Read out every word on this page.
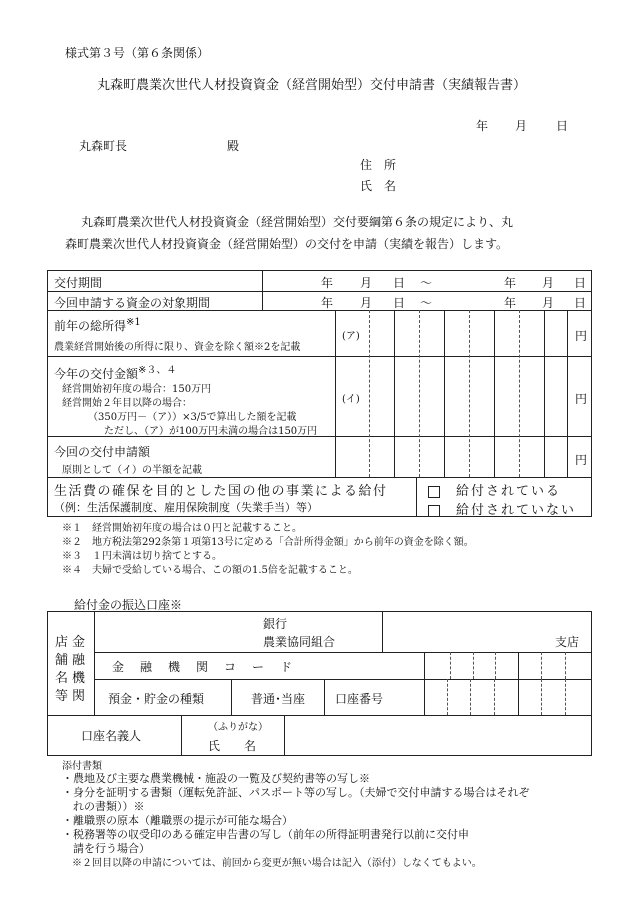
様式第３号（第６条関係）
丸森町農業次世代人材投資資金（経営開始型）交付申請書（実績報告書）
年 月 日
丸森町長	殿
住　所
氏　名
丸森町農業次世代人材投資資金（経営開始型）交付要綱第６条の規定により、丸
森町農業次世代人材投資資金（経営開始型）の交付を申請（実績を報告）します。
交付期間	年 月 日 ～	年 月 日
今回申請する資金の対象期間	年 月 日 ～	年 月 日
前年の総所得$^{※1}$
農業経営開始後の所得に限り、資金を除く額※2を記載
(ア)	円
今年の交付金額$^{※3、4}$
経営開始初年度の場合：150万円
経営開始２年目以降の場合：
（350万円－（ア））×3/5で算出した額を記載
ただし、（ア）が100万円未満の場合は150万円
(イ)	円
今回の交付申請額
原則として（イ）の半額を記載
円
生活費の確保を目的とした国の他の事業による給付
（例：生活保護制度、雇用保険制度（失業手当）等）
給付されている
給付されていない
※１　経営開始初年度の場合は０円と記載すること。
※２　地方税法第292条第１項第13号に定める「合計所得金額」から前年の資金を除く額。
※３　１円未満は切り捨てとする。
※４　夫婦で受給している場合、この額の1.5倍を記載すること。
給付金の振込口座※
店舗名等
金融機関
銀行
農業協同組合	支店
金　融　機　関　コ　ー　ド
預金・貯金の種類	普通･当座 口座番号
口座名義人
（ふりがな）
氏　　名
添付書類
・農地及び主要な農業機械・施設の一覧及び契約書等の写し※
・身分を証明する書類（運転免許証、パスポート等の写し。（夫婦で交付申請する場合はそれぞ
　れの書類））※
・離職票の原本（離職票の提示が可能な場合）
・税務署等の収受印のある確定申告書の写し（前年の所得証明書発行以前に交付申
　請を行う場合）
　※２回目以降の申請については、前回から変更が無い場合は記入（添付）しなくてもよい。
